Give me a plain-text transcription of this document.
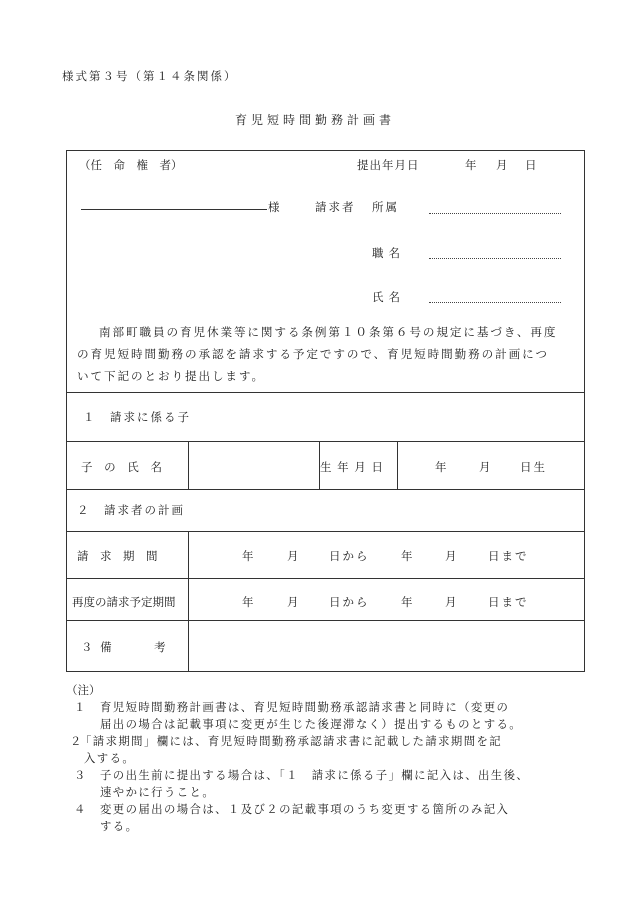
様式第３号（第１４条関係）
育児短時間勤務計画書
（任　命　権　者）	提出年月日	年 月 日
様	請求者 所属
職名
氏名
南部町職員の育児休業等に関する条例第１０条第６号の規定に基づき、再度
の育児短時間勤務の承認を請求する予定ですので、育児短時間勤務の計画につ
いて下記のとおり提出します。
１　請求に係る子
子 の 氏 名	生 年 月 日	年	月	日生
２　請求者の計画
請　求　期　間	年	月	日から	年	月	日まで
再度の請求予定期間	年	月	日から	年	月	日まで
３ 備　　　考
（注）
１ 育児短時間勤務計画書は、育児短時間勤務承認請求書と同時に（変更の
届出の場合は記載事項に変更が生じた後遅滞なく）提出するものとする。
２「請求期間」欄には、育児短時間勤務承認請求書に記載した請求期間を記
入する。
３ 子の出生前に提出する場合は、「１　請求に係る子」欄に記入は、出生後、
速やかに行うこと。
４ 変更の届出の場合は、１及び２の記載事項のうち変更する箇所のみ記入
する。
